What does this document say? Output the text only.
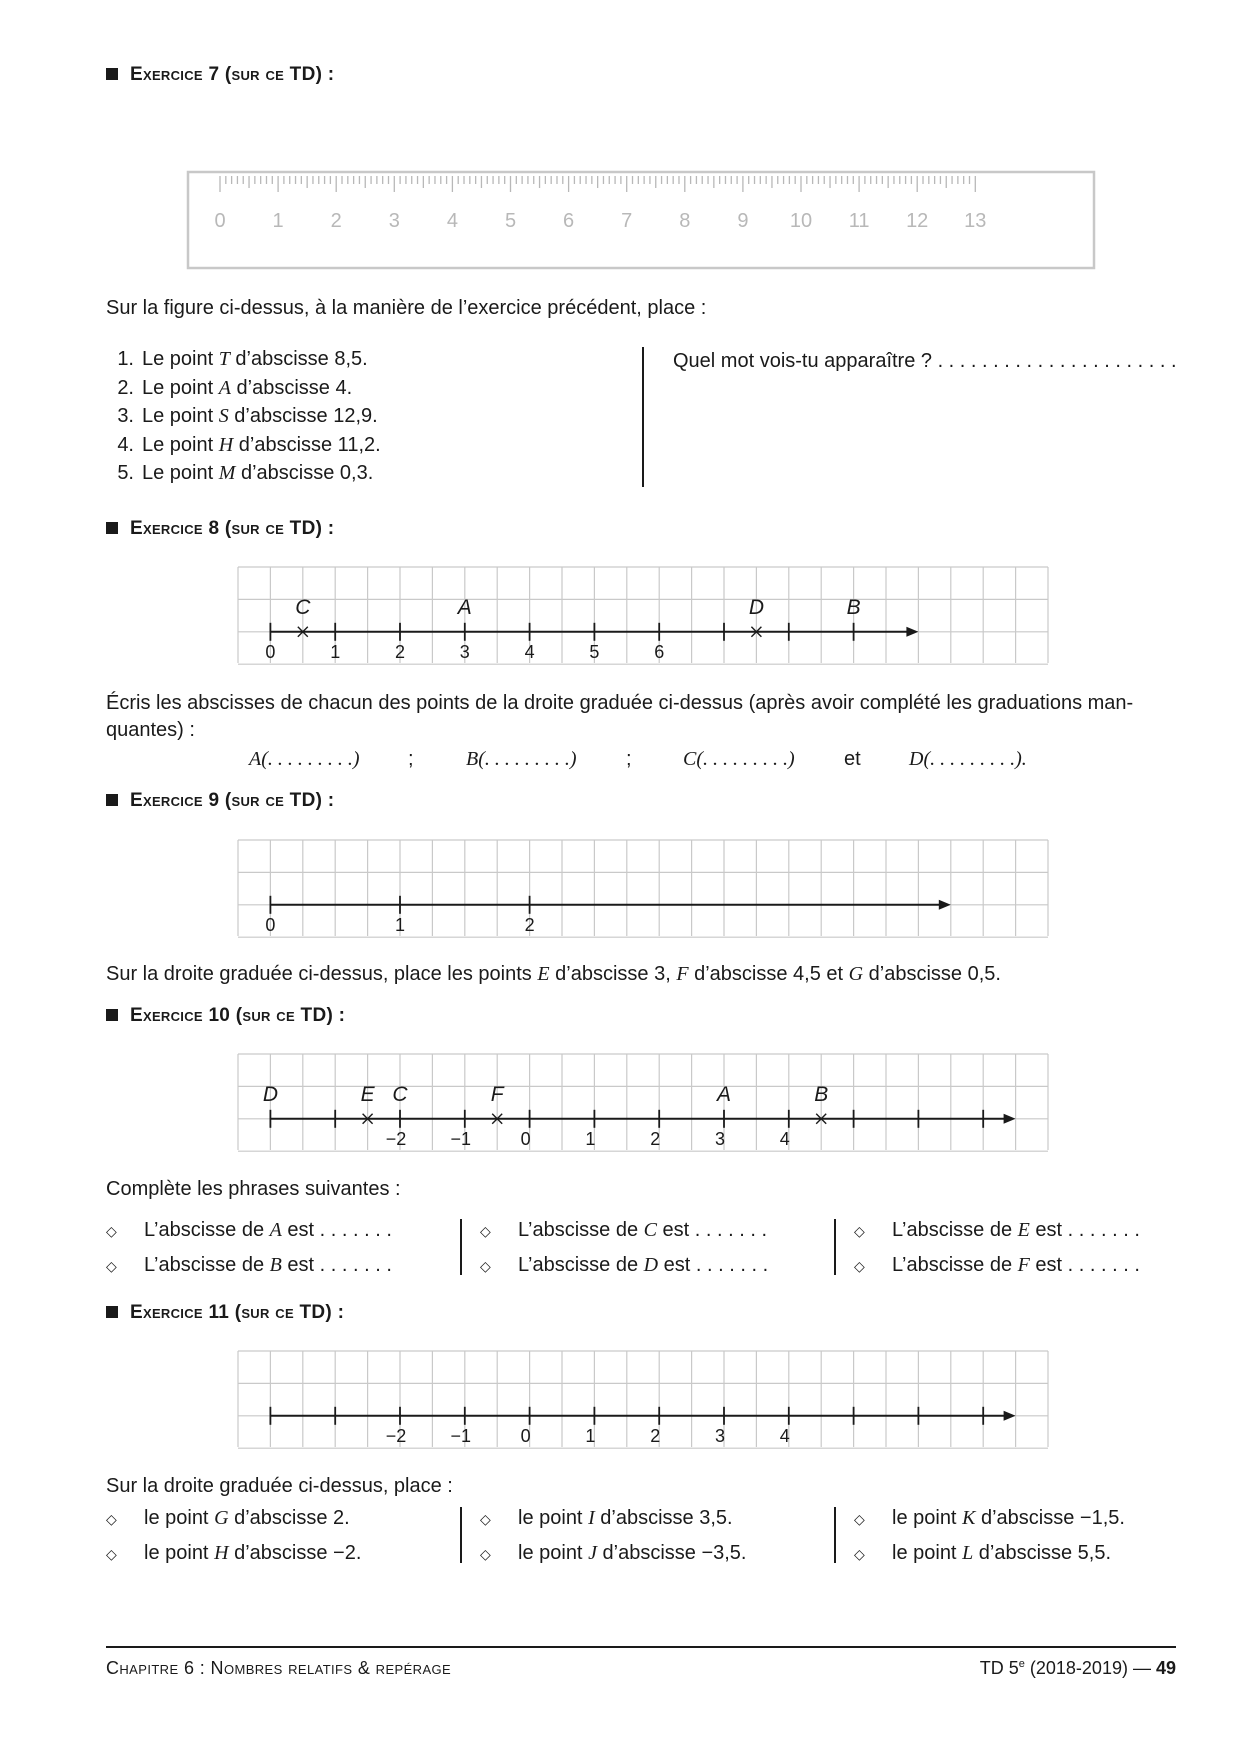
Exercice 7 (sur ce TD) :
0 1 2 3 4 5 6 7 8 9 10 11 12 13
Sur la figure ci-dessus, à la manière de l’exercice précédent, place :
1. Le point T d’abscisse 8,5.
2. Le point A d’abscisse 4.
3. Le point S d’abscisse 12,9.
4. Le point H d’abscisse 11,2.
5. Le point M d’abscisse 0,3.
Quel mot vois-tu apparaître ? . . . . . . . . . . . . . . . . . . . . . .
Exercice 8 (sur ce TD) :
0	1	2	3	4	5	6
C	A	D	B
Écris les abscisses de chacun des points de la droite graduée ci-dessus (après avoir complété les graduations man-
quantes) :
A(. . . . . . . . .) ;	B(. . . . . . . . .) ;	C(. . . . . . . . .) et D(. . . . . . . . .).
Exercice 9 (sur ce TD) :
0	1	2
Sur la droite graduée ci-dessus, place les points E d’abscisse 3, F d’abscisse 4,5 et G d’abscisse 0,5.
Exercice 10 (sur ce TD) :
−2 −1	0	1	2	3	4
D	E C	F	A	B
Complète les phrases suivantes :
◇ L’abscisse de A est . . . . . . .
◇ L’abscisse de B est . . . . . . .
◇ L’abscisse de C est . . . . . . .
◇ L’abscisse de D est . . . . . . .
◇ L’abscisse de E est . . . . . . .
◇ L’abscisse de F est . . . . . . .
Exercice 11 (sur ce TD) :
−2 −1	0	1	2	3	4
Sur la droite graduée ci-dessus, place :
◇ le point G d’abscisse 2.
◇ le point H d’abscisse −2.
◇ le point I d’abscisse 3,5.
◇ le point J d’abscisse −3,5.
◇ le point K d’abscisse −1,5.
◇ le point L d’abscisse 5,5.
Chapitre 6 : Nombres relatifs & repérage	TD 5e (2018-2019) — 49
